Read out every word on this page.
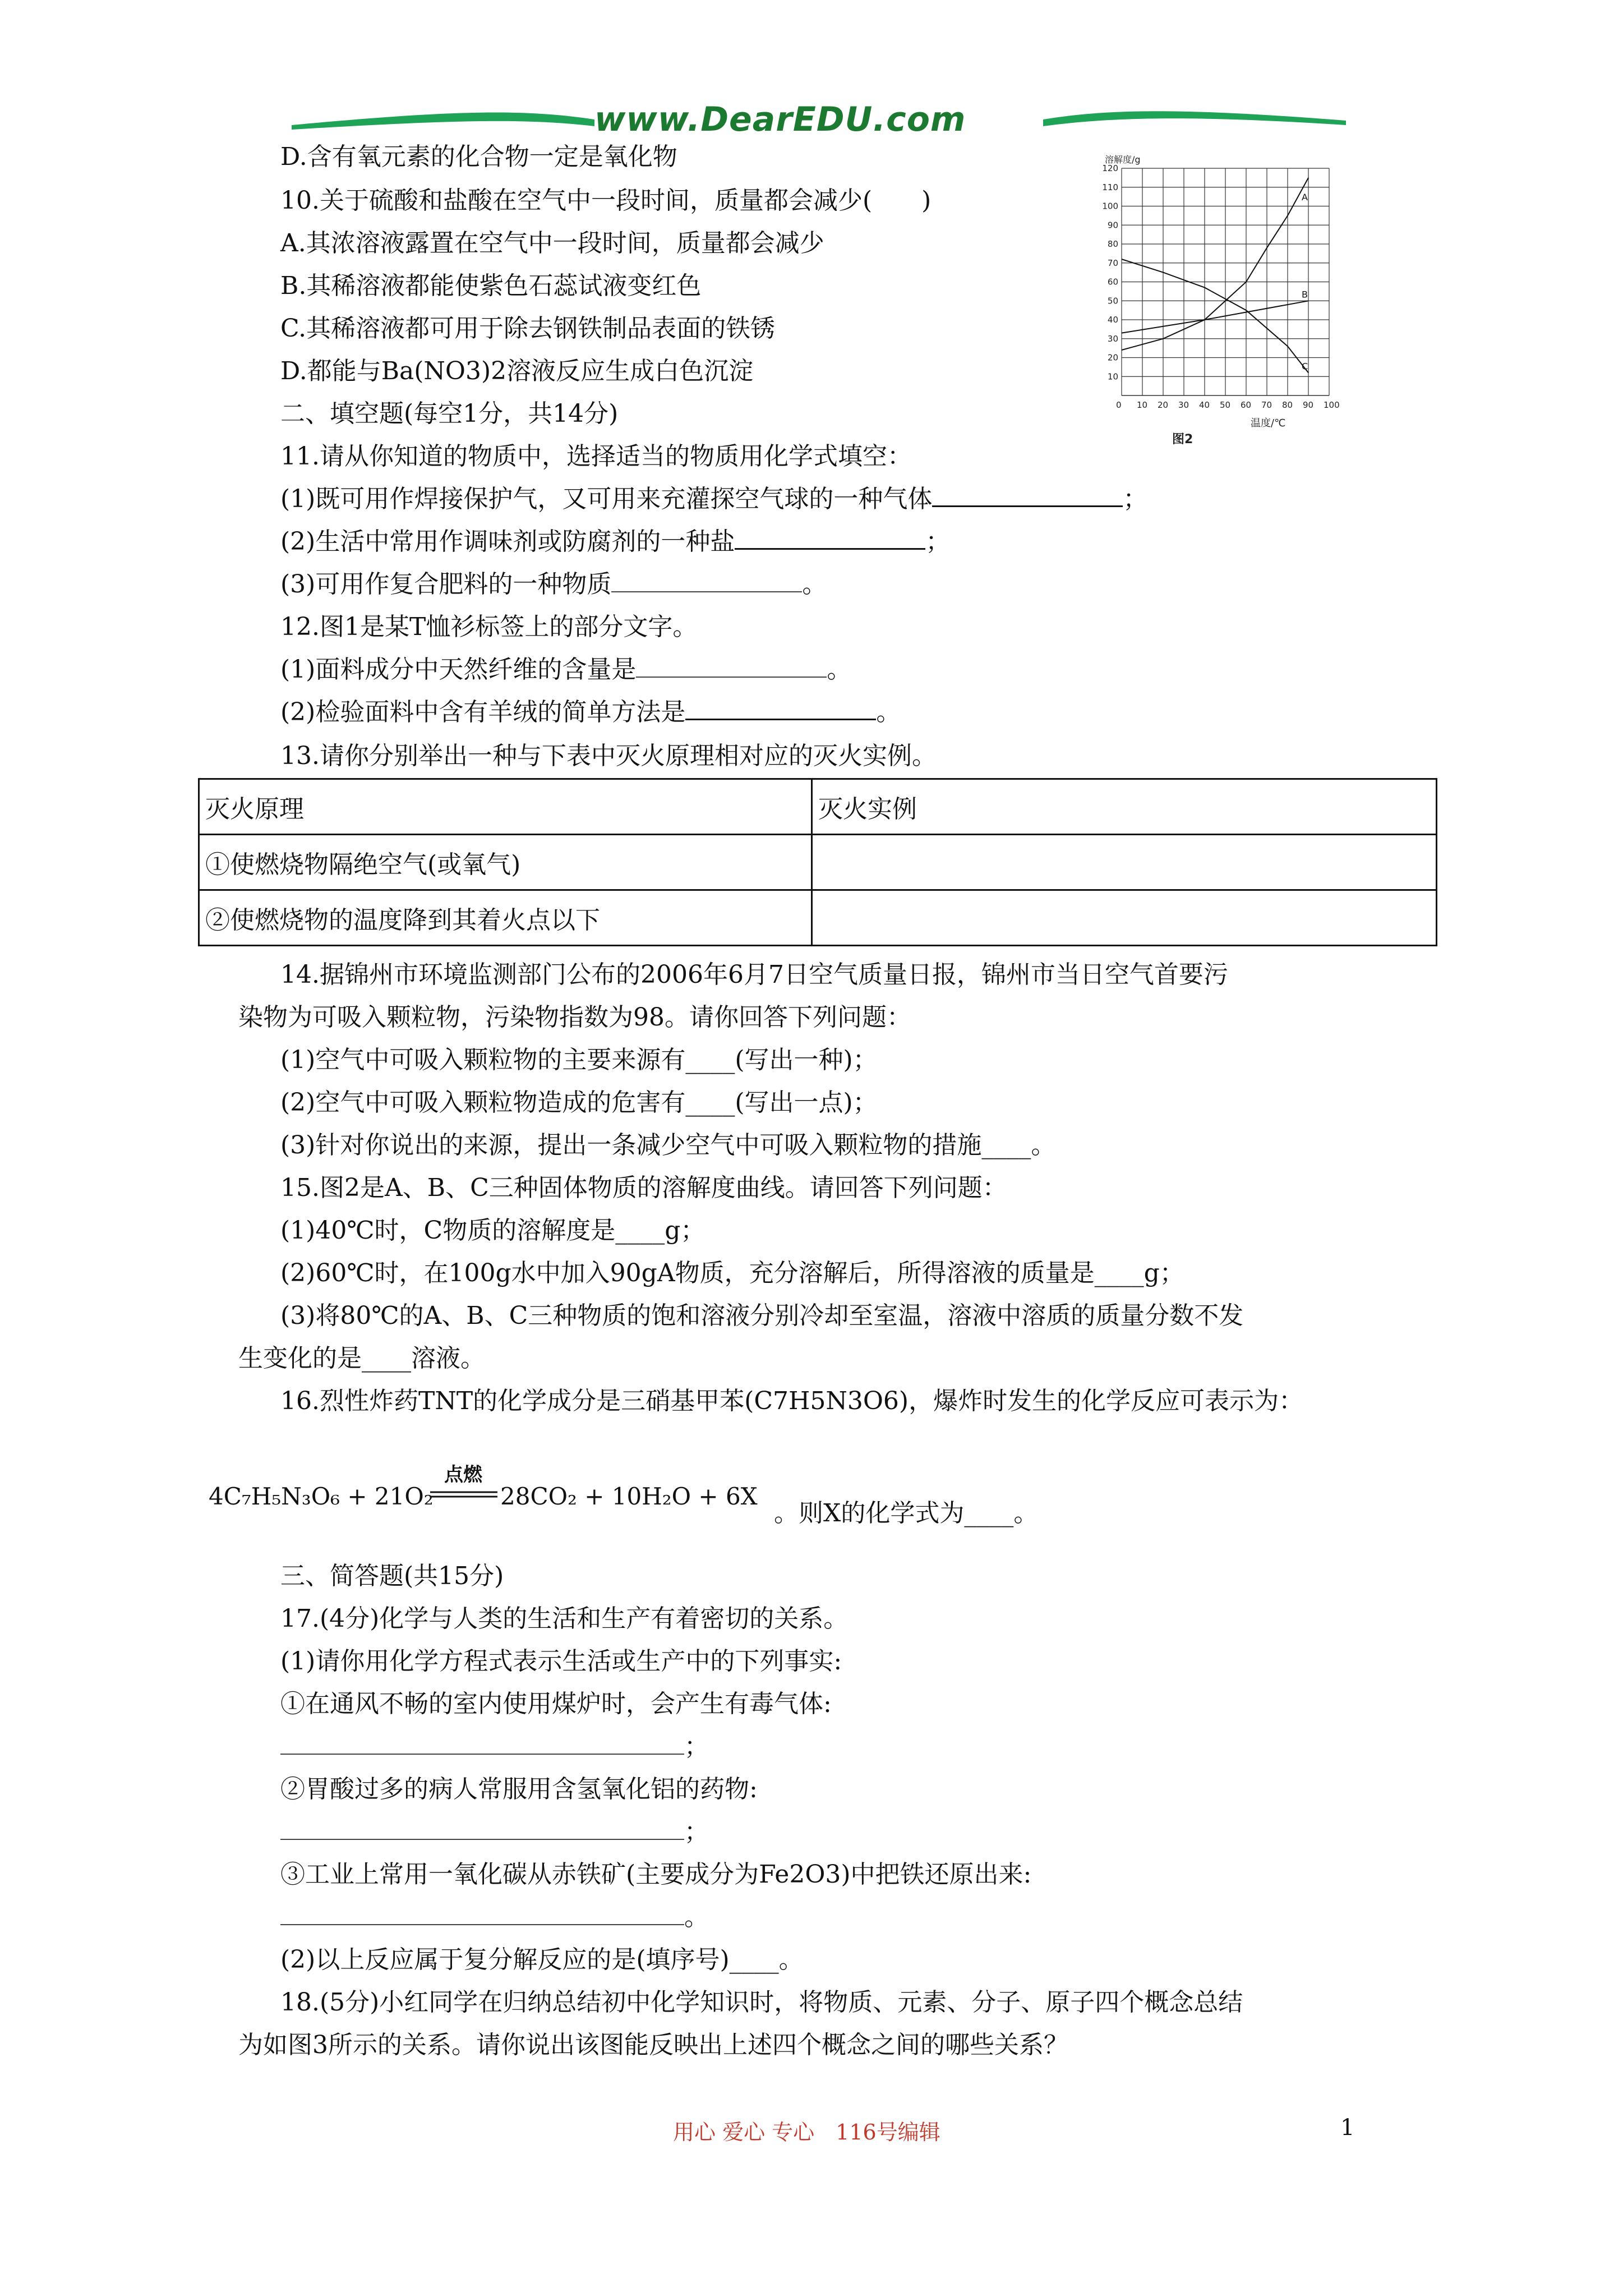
www.DearEDU.com
D.含有氧元素的化合物一定是氧化物
10.关于硫酸和盐酸在空气中一段时间，质量都会减少(　　)
A.其浓溶液露置在空气中一段时间，质量都会减少
B.其稀溶液都能使紫色石蕊试液变红色
C.其稀溶液都可用于除去钢铁制品表面的铁锈
D.都能与Ba(NO3)2溶液反应生成白色沉淀
二、填空题(每空1分，共14分)
11.请从你知道的物质中，选择适当的物质用化学式填空：
(1)既可用作焊接保护气，又可用来充灌探空气球的一种气体	；
(2)生活中常用作调味剂或防腐剂的一种盐	；
(3)可用作复合肥料的一种物质	。
12.图1是某T恤衫标签上的部分文字。
(1)面料成分中天然纤维的含量是	。
(2)检验面料中含有羊绒的简单方法是	。
13.请你分别举出一种与下表中灭火原理相对应的灭火实例。
灭火原理	灭火实例
①使燃烧物隔绝空气(或氧气)	
②使燃烧物的温度降到其着火点以下	
14.据锦州市环境监测部门公布的2006年6月7日空气质量日报，锦州市当日空气首要污
染物为可吸入颗粒物，污染物指数为98。请你回答下列问题：
(1)空气中可吸入颗粒物的主要来源有____(写出一种)；
(2)空气中可吸入颗粒物造成的危害有____(写出一点)；
(3)针对你说出的来源，提出一条减少空气中可吸入颗粒物的措施____。
15.图2是A、B、C三种固体物质的溶解度曲线。请回答下列问题：
(1)40℃时，C物质的溶解度是____g；
(2)60℃时，在100g水中加入90gA物质，充分溶解后，所得溶液的质量是____g；
(3)将80℃的A、B、C三种物质的饱和溶液分别冷却至室温，溶液中溶质的质量分数不发
生变化的是____溶液。
16.烈性炸药TNT的化学成分是三硝基甲苯(C7H5N3O6)，爆炸时发生的化学反应可表示为：
4C₇H₅N₃O₆ + 21O₂
点燃
28CO₂ + 10H₂O + 6X
。则X的化学式为____。
三、简答题(共15分)
17.(4分)化学与人类的生活和生产有着密切的关系。
(1)请你用化学方程式表示生活或生产中的下列事实:
①在通风不畅的室内使用煤炉时，会产生有毒气体:
；
②胃酸过多的病人常服用含氢氧化铝的药物:
；
③工业上常用一氧化碳从赤铁矿(主要成分为Fe2O3)中把铁还原出来:
。
(2)以上反应属于复分解反应的是(填序号)____。
18.(5分)小红同学在归纳总结初中化学知识时，将物质、元素、分子、原子四个概念总结
为如图3所示的关系。请你说出该图能反映出上述四个概念之间的哪些关系？
溶解度/g
10
20
30
40
50
60
70
80
90
100
110
120
0 10 20 30 40 50 60 70 80 90 100
A
B
C
温度/℃
图2
用心 爱心 专心　116号编辑	1
